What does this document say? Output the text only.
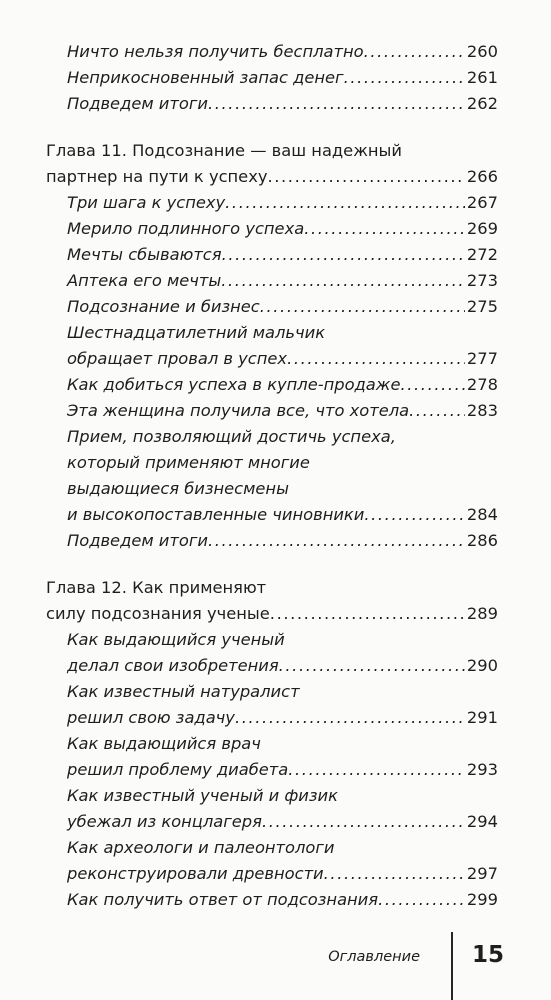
Ничто нельзя получить бесплатно .....	260
Неприкосновенный запас денег .....	261
Подведем итоги .....	262
Глава 11. Подсознание — ваш надежный
партнер на пути к успеху .....	266
Три шага к успеху .....	267
Мерило подлинного успеха .....	269
Мечты сбываются .....	272
Аптека его мечты .....	273
Подсознание и бизнес .....	275
Шестнадцатилетний мальчик
обращает провал в успех .....	277
Как добиться успеха в купле-продаже .....	278
Эта женщина получила все, что хотела .....	283
Прием, позволяющий достичь успеха,
который применяют многие
выдающиеся бизнесмены
и высокопоставленные чиновники .....	284
Подведем итоги .....	286
Глава 12. Как применяют
силу подсознания ученые .....	289
Как выдающийся ученый
делал свои изобретения .....	290
Как известный натуралист
решил свою задачу .....	291
Как выдающийся врач
решил проблему диабета .....	293
Как известный ученый и физик
убежал из концлагеря .....	294
Как археологи и палеонтологи
реконструировали древности .....	297
Как получить ответ от подсознания .....	299
Оглавление 15
